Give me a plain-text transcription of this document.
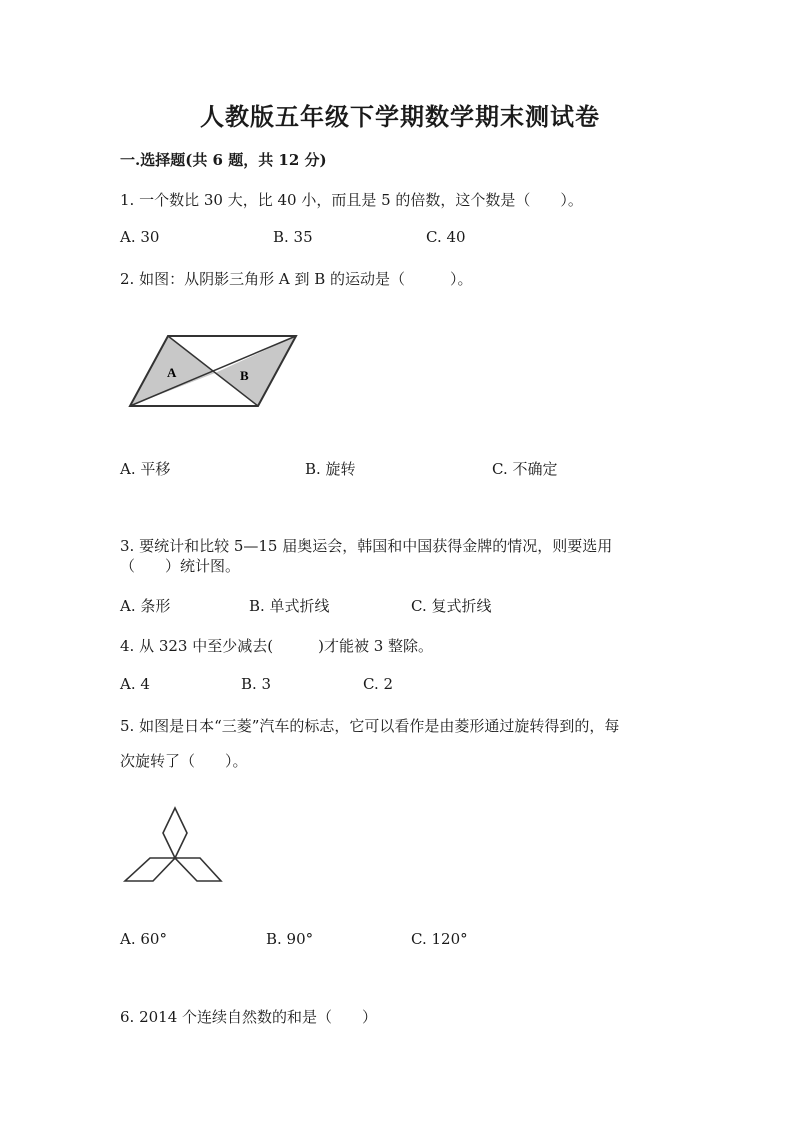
人教版五年级下学期数学期末测试卷
一.选择题(共 6 题，共 12 分)
1. 一个数比 30 大，比 40 小，而且是 5 的倍数，这个数是（　　）。
A. 30	B. 35	C. 40
2. 如图：从阴影三角形 A 到 B 的运动是（　　　）。
A	B
A. 平移	B. 旋转	C. 不确定
3. 要统计和比较 5—15 届奥运会，韩国和中国获得金牌的情况，则要选用
（　　）统计图。
A. 条形	B. 单式折线	C. 复式折线
4. 从 323 中至少减去(　　　)才能被 3 整除。
A. 4	B. 3	C. 2
5. 如图是日本“三菱”汽车的标志，它可以看作是由菱形通过旋转得到的，每
次旋转了（　　）。
A. 60°	B. 90°	C. 120°
6. 2014 个连续自然数的和是（　　）
